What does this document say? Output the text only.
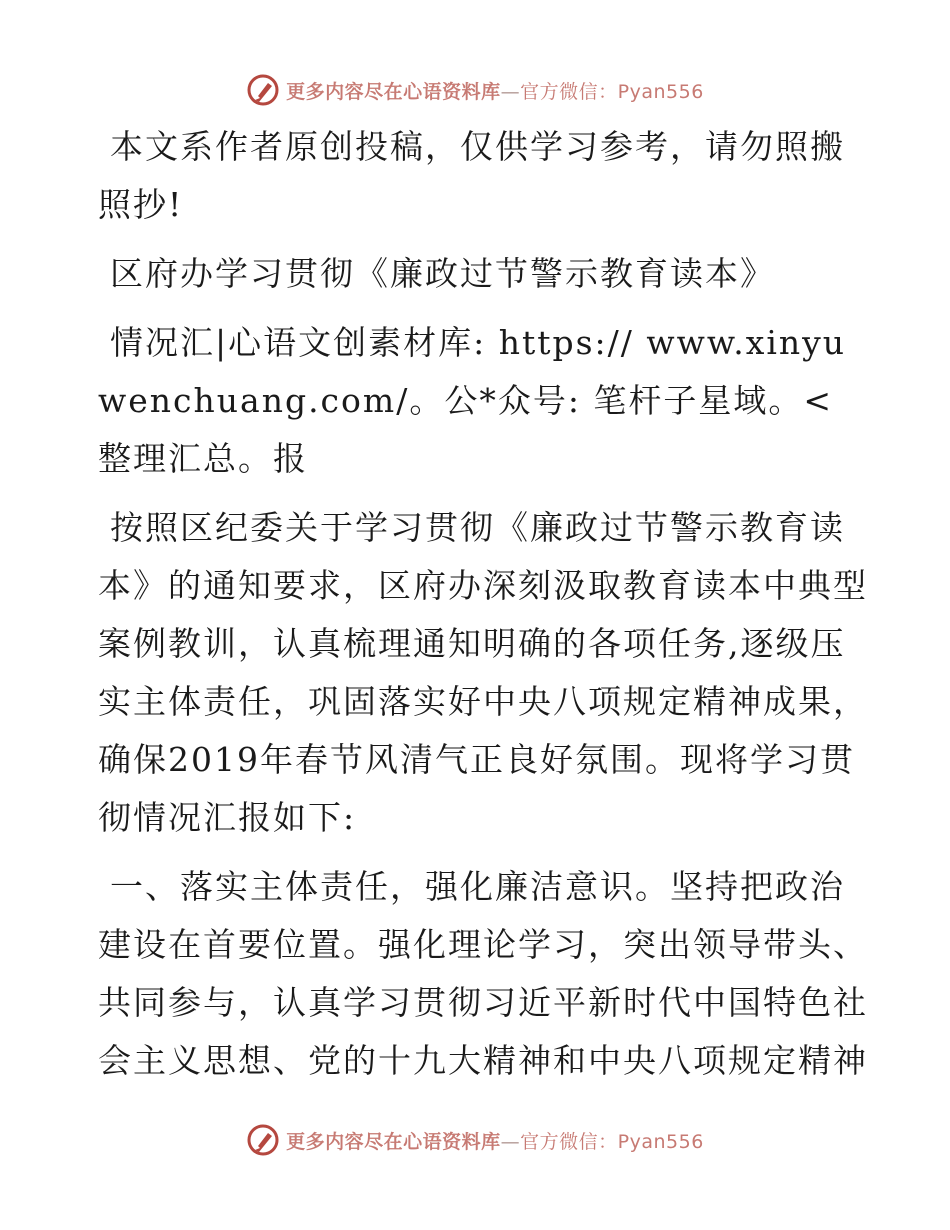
更多内容尽在心语资料库—官方微信：Pyan556

本文系作者原创投稿，仅供学习参考，请勿照搬照抄!

区府办学习贯彻《廉政过节警示教育读本》

情况汇|心语文创素材库: https:// www.xinyuwenchuang.com/。公*众号: 笔杆子星域。<整理汇总。报

按照区纪委关于学习贯彻《廉政过节警示教育读本》的通知要求，区府办深刻汲取教育读本中典型案例教训，认真梳理通知明确的各项任务,逐级压实主体责任，巩固落实好中央八项规定精神成果，确保2019年春节风清气正良好氛围。现将学习贯彻情况汇报如下:

一、落实主体责任，强化廉洁意识。坚持把政治建设在首要位置。强化理论学习，突出领导带头、共同参与，认真学习贯彻习近平新时代中国特色社会主义思想、党的十九大精神和中央八项规定精神

更多内容尽在心语资料库—官方微信：Pyan556
